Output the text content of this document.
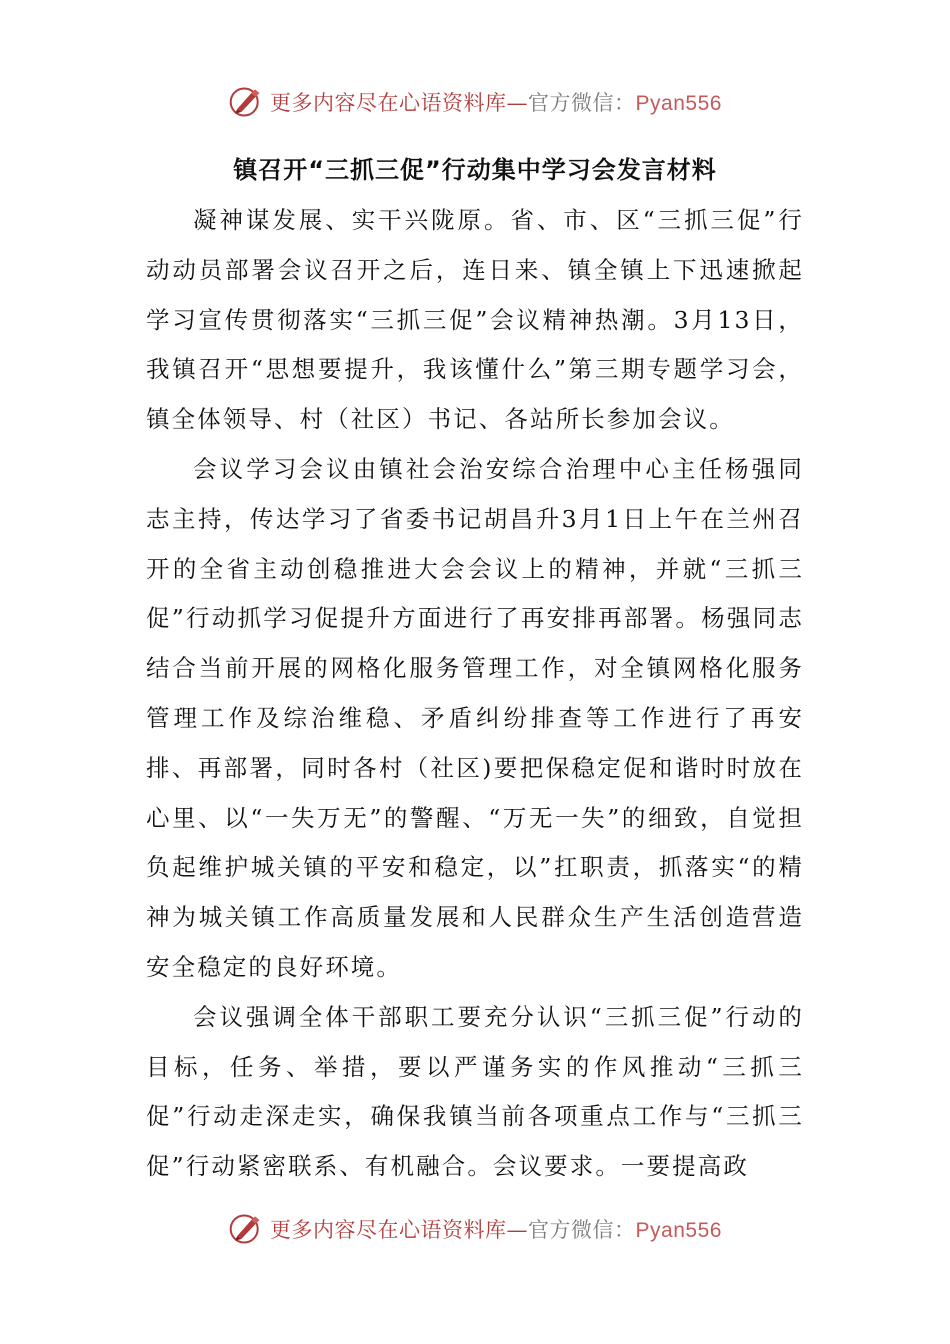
更多内容尽在心语资料库—官方微信：Pyan556
镇召开“三抓三促”行动集中学习会发言材料

凝神谋发展、实干兴陇原。省、市、区“三抓三促”行动动员部署会议召开之后，连日来、镇全镇上下迅速掀起学习宣传贯彻落实“三抓三促”会议精神热潮。3月13日，我镇召开“思想要提升，我该懂什么”第三期专题学习会，镇全体领导、村（社区）书记、各站所长参加会议。

会议学习会议由镇社会治安综合治理中心主任杨强同志主持，传达学习了省委书记胡昌升3月1日上午在兰州召开的全省主动创稳推进大会会议上的精神，并就“三抓三促”行动抓学习促提升方面进行了再安排再部署。杨强同志结合当前开展的网格化服务管理工作，对全镇网格化服务管理工作及综治维稳、矛盾纠纷排查等工作进行了再安排、再部署，同时各村（社区)要把保稳定促和谐时时放在心里、以“一失万无”的警醒、“万无一失”的细致，自觉担负起维护城关镇的平安和稳定，以”扛职责，抓落实“的精神为城关镇工作高质量发展和人民群众生产生活创造营造安全稳定的良好环境。

会议强调全体干部职工要充分认识“三抓三促”行动的目标，任务、举措，要以严谨务实的作风推动“三抓三促”行动走深走实，确保我镇当前各项重点工作与“三抓三促”行动紧密联系、有机融合。会议要求。一要提高政

更多内容尽在心语资料库—官方微信：Pyan556
